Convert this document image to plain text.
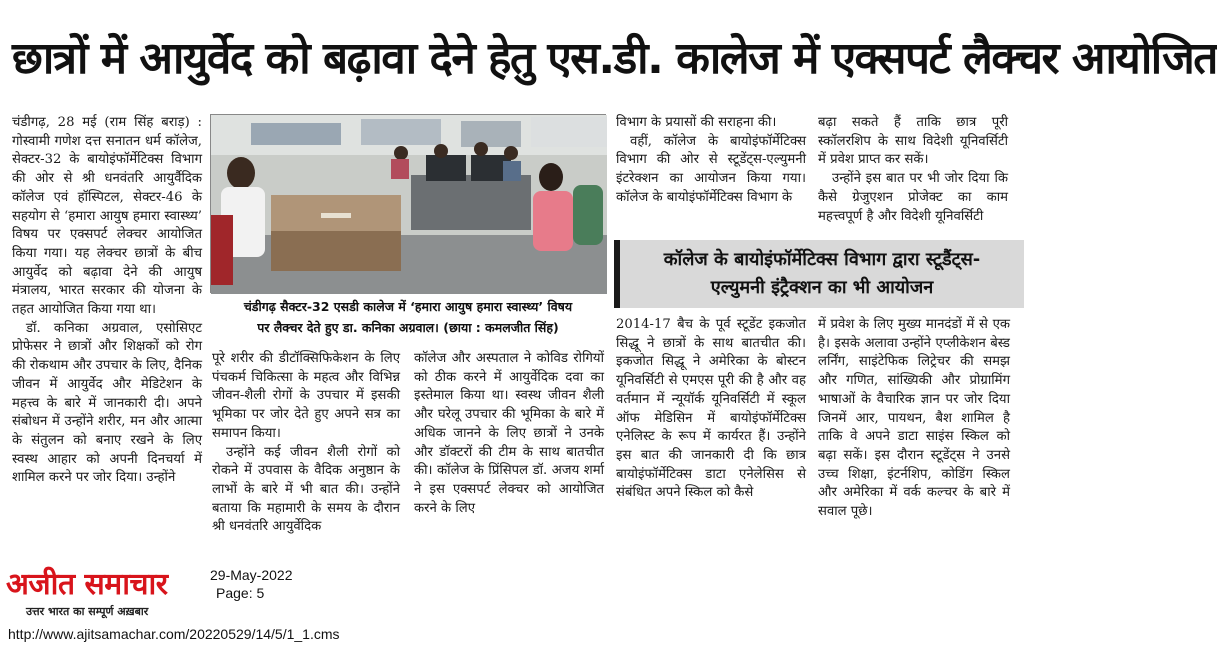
छात्रों में आयुर्वेद को बढ़ावा देने हेतु एस.डी. कालेज में एक्सपर्ट लैक्चर आयोजित

चंडीगढ़, 28 मई (राम सिंह बराड़) : गोस्वामी गणेश दत्त सनातन धर्म कॉलेज, सेक्टर-32 के बायोइंफॉर्मेटिक्स विभाग की ओर से श्री धनवंतरि आयुर्वैदिक कॉलेज एवं हॉस्पिटल, सेक्टर-46 के सहयोग से ‘हमारा आयुष हमारा स्वास्थ्य’ विषय पर एक्सपर्ट लेक्चर आयोजित किया गया। यह लेक्चर छात्रों के बीच आयुर्वेद को बढ़ावा देने की आयुष मंत्रालय, भारत सरकार की योजना के तहत आयोजित किया गया था।

डॉ. कनिका अग्रवाल, एसोसिएट प्रोफेसर ने छात्रों और शिक्षकों को रोग की रोकथाम और उपचार के लिए, दैनिक जीवन में आयुर्वेद और मेडिटेशन के महत्त्व के बारे में जानकारी दी। अपने संबोधन में उन्होंने शरीर, मन और आत्मा के संतुलन को बनाए रखने के लिए स्वस्थ आहार को अपनी दिनचर्या में शामिल करने पर जोर दिया। उन्होंने

चंडीगढ़ सैक्टर-32 एसडी कालेज में ‘हमारा आयुष हमारा स्वास्थ्य’ विषय
पर लैक्चर देते हुए डा. कनिका अग्रवाल। (छाया : कमलजीत सिंह)

पूरे शरीर की डीटॉक्सिफिकेशन के लिए पंचकर्म चिकित्सा के महत्व और विभिन्न जीवन-शैली रोगों के उपचार में इसकी भूमिका पर जोर देते हुए अपने सत्र का समापन किया।

उन्होंने कई जीवन शैली रोगों को रोकने में उपवास के वैदिक अनुष्ठान के लाभों के बारे में भी बात की। उन्होंने बताया कि महामारी के समय के दौरान श्री धनवंतरि आयुर्वेदिक

कॉलेज और अस्पताल ने कोविड रोगियों को ठीक करने में आयुर्वेदिक दवा का इस्तेमाल किया था। स्वस्थ जीवन शैली और घरेलू उपचार की भूमिका के बारे में अधिक जानने के लिए छात्रों ने उनके और डॉक्टरों की टीम के साथ बातचीत की। कॉलेज के प्रिंसिपल डॉ. अजय शर्मा ने इस एक्सपर्ट लेक्चर को आयोजित करने के लिए

विभाग के प्रयासों की सराहना की।

वहीं, कॉलेज के बायोइंफॉर्मेटिक्स विभाग की ओर से स्टूडेंट्स-एल्युमनी इंटरेक्शन का आयोजन किया गया। कॉलेज के बायोइंफॉर्मेटिक्स विभाग के

बढ़ा सकते हैं ताकि छात्र पूरी स्कॉलरशिप के साथ विदेशी यूनिवर्सिटी में प्रवेश प्राप्त कर सकें।

उन्होंने इस बात पर भी जोर दिया कि कैसे ग्रेजुएशन प्रोजेक्ट का काम महत्त्वपूर्ण है और विदेशी यूनिवर्सिटी

कॉलेज के बायोइंफॉर्मेटिक्स विभाग द्वारा स्टूडैंट्स-
एल्युमनी इंट्रैक्शन का भी आयोजन

2014-17 बैच के पूर्व स्टूडेंट इकजोत सिद्धू ने छात्रों के साथ बातचीत की। इकजोत सिद्धू ने अमेरिका के बोस्टन यूनिवर्सिटी से एमएस पूरी की है और वह वर्तमान में न्यूयॉर्क यूनिवर्सिटी में स्कूल ऑफ मेडिसिन में बायोइंफॉर्मेटिक्स एनेलिस्ट के रूप में कार्यरत हैं। उन्होंने इस बात की जानकारी दी कि छात्र बायोइंफॉर्मेटिक्स डाटा एनेलेसिस से संबंधित अपने स्किल को कैसे

में प्रवेश के लिए मुख्य मानदंडों में से एक है। इसके अलावा उन्होंने एप्लीकेशन बेस्ड लर्निंग, साइंटेफिक लिट्रेचर की समझ और गणित, सांख्यिकी और प्रोग्रामिंग भाषाओं के वैचारिक ज्ञान पर जोर दिया जिनमें आर, पायथन, बैश शामिल है ताकि वे अपने डाटा साइंस स्किल को बढ़ा सकें। इस दौरान स्टूडेंट्स ने उनसे उच्च शिक्षा, इंटर्नशिप, कोडिंग स्किल और अमेरिका में वर्क कल्चर के बारे में सवाल पूछे।

अजीत समाचार
उत्तर भारत का सम्पूर्ण अख़बार
29-May-2022
Page: 5
http://www.ajitsamachar.com/20220529/14/5/1_1.cms
